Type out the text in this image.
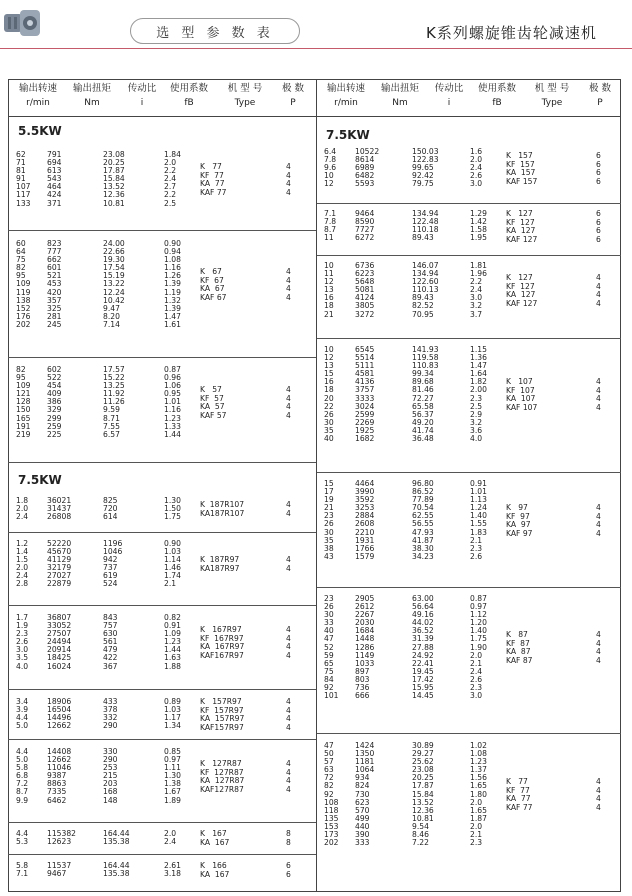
选 型 参 数 表	K系列螺旋锥齿轮减速机
输出转速
r/min
输出扭矩
Nm
传动比
i
使用系数
fB
机 型 号
Type
极 数
P
输出转速
r/min
输出扭矩
Nm
传动比
i
使用系数
fB
机 型 号
Type
极 数
P
5.5KW
7.5KW
7.5KW
62
71
81
91
107
117
133
791
694
613
543
464
424
371
23.08
20.25
17.87
15.84
13.52
12.36
10.81
1.84
2.0
2.2
2.4
2.7
2.2
2.5
K   77
KF  77
KA  77
KAF 77
4
4
4
4
60
64
75
82
95
109
119
138
152
176
202
823
777
662
601
521
453
420
357
325
281
245
24.00
22.66
19.30
17.54
15.19
13.22
12.24
10.42
9.47
8.20
7.14
0.90
0.94
1.08
1.16
1.26
1.39
1.19
1.32
1.39
1.47
1.61
K   67
KF  67
KA  67
KAF 67
4
4
4
4
82
95
109
121
128
150
165
191
219
602
522
454
409
386
329
299
259
225
17.57
15.22
13.25
11.92
11.26
9.59
8.71
7.55
6.57
0.87
0.96
1.06
0.95
1.01
1.16
1.23
1.33
1.44
K   57
KF  57
KA  57
KAF 57
4
4
4
4
1.8
2.0
2.4
36021
31437
26808
825
720
614
1.30
1.50
1.75
K  187R107
KA187R107
4
4
1.2
1.4
1.5
2.0
2.4
2.8
52220
45670
41129
32179
27027
22879
1196
1046
942
737
619
524
0.90
1.03
1.14
1.46
1.74
2.1
K  187R97
KA187R97
4
4
1.7
1.9
2.3
2.6
3.0
3.5
4.0
36807
33052
27507
24494
20914
18425
16024
843
757
630
561
479
422
367
0.82
0.91
1.09
1.23
1.44
1.63
1.88
K   167R97
KF  167R97
KA  167R97
KAF167R97
4
4
4
4
3.4
3.9
4.4
5.0
18906
16504
14496
12662
433
378
332
290
0.89
1.03
1.17
1.34
K   157R97
KF  157R97
KA  157R97
KAF157R97
4
4
4
4
4.4
5.0
5.8
6.8
7.2
8.7
9.9
14408
12662
11046
9387
8863
7335
6462
330
290
253
215
203
168
148
0.85
0.97
1.11
1.30
1.38
1.67
1.89
K   127R87
KF  127R87
KA  127R87
KAF127R87
4
4
4
4
4.4
5.3
115382
12623
164.44
135.38
2.0
2.4
K   167
KA  167
8
8
5.8
7.1
11537
9467
164.44
135.38
2.61
3.18
K   166
KA  167
6
6
6.4
7.8
9.6
10
12
10522
8614
6989
6482
5593
150.03
122.83
99.65
92.42
79.75
1.6
2.0
2.4
2.6
3.0
K   157
KF  157
KA  157
KAF 157
6
6
6
6
7.1
7.8
8.7
11
9464
8590
7727
6272
134.94
122.48
110.18
89.43
1.29
1.42
1.58
1.95
K   127
KF  127
KA  127
KAF 127
6
6
6
6
10
11
12
13
16
18
21
6736
6223
5648
5081
4124
3805
3272
146.07
134.94
122.60
110.13
89.43
82.52
70.95
1.81
1.96
2.2
2.4
3.0
3.2
3.7
K   127
KF  127
KA  127
KAF 127
4
4
4
4
10
12
13
15
16
18
20
22
26
30
35
40
6545
5514
5111
4581
4136
3757
3333
3024
2599
2269
1925
1682
141.93
119.58
110.83
99.34
89.68
81.46
72.27
65.58
56.37
49.20
41.74
36.48
1.15
1.36
1.47
1.64
1.82
2.00
2.3
2.5
2.9
3.2
3.6
4.0
K   107
KF  107
KA  107
KAF 107
4
4
4
4
15
17
19
21
23
26
30
35
38
43
4464
3990
3592
3253
2884
2608
2210
1931
1766
1579
96.80
86.52
77.89
70.54
62.55
56.55
47.93
41.87
38.30
34.23
0.91
1.01
1.13
1.24
1.40
1.55
1.83
2.1
2.3
2.6
K   97
KF  97
KA  97
KAF 97
4
4
4
4
23
26
30
33
40
47
52
59
65
75
84
92
101
2905
2612
2267
2030
1684
1448
1286
1149
1033
897
803
736
666
63.00
56.64
49.16
44.02
36.52
31.39
27.88
24.92
22.41
19.45
17.42
15.95
14.45
0.87
0.97
1.12
1.20
1.40
1.75
1.90
2.0
2.1
2.4
2.6
2.3
3.0
K   87
KF  87
KA  87
KAF 87
4
4
4
4
47
50
57
63
72
82
92
108
118
135
153
173
202
1424
1350
1181
1064
934
824
730
623
570
499
440
390
333
30.89
29.27
25.62
23.08
20.25
17.87
15.84
13.52
12.36
10.81
9.54
8.46
7.22
1.02
1.08
1.23
1.37
1.56
1.65
1.80
2.0
1.65
1.87
2.0
2.1
2.3
K   77
KF  77
KA  77
KAF 77
4
4
4
4
